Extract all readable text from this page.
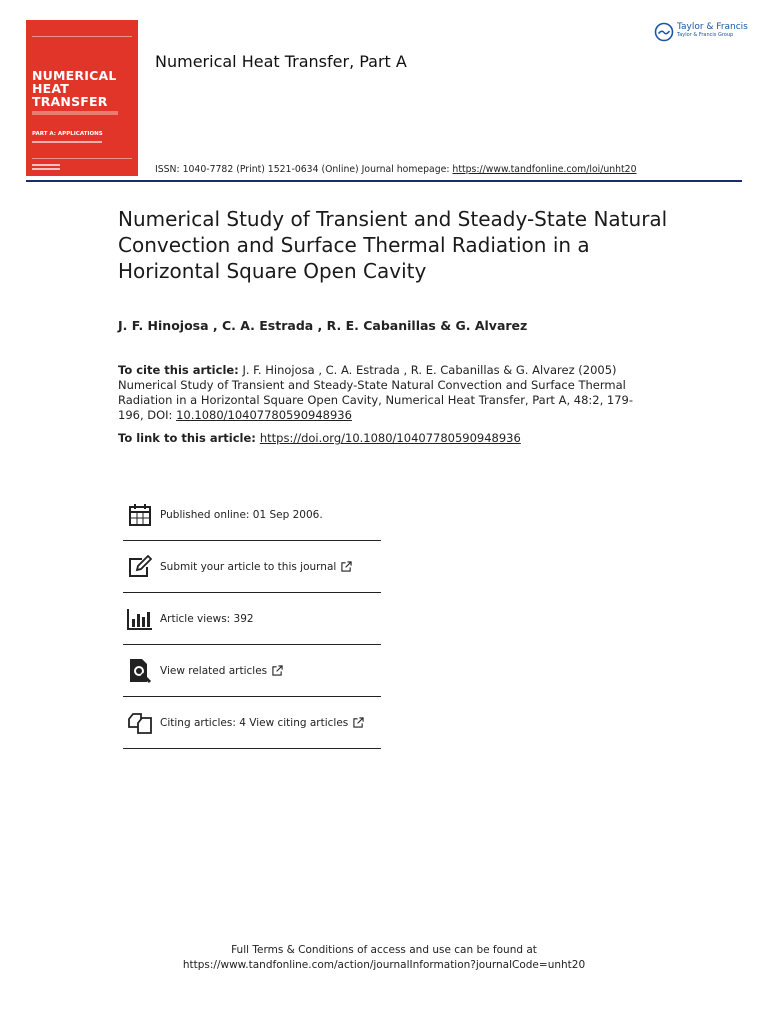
NUMERICAL
HEAT
TRANSFER
PART A: APPLICATIONS
Numerical Heat Transfer, Part A
Taylor & Francis
Taylor & Francis Group
ISSN: 1040-7782 (Print) 1521-0634 (Online) Journal homepage: https://www.tandfonline.com/loi/unht20
Numerical Study of Transient and Steady-State Natural Convection and Surface Thermal Radiation in a Horizontal Square Open Cavity
J. F. Hinojosa , C. A. Estrada , R. E. Cabanillas & G. Alvarez
To cite this article: J. F. Hinojosa , C. A. Estrada , R. E. Cabanillas & G. Alvarez (2005) Numerical Study of Transient and Steady-State Natural Convection and Surface Thermal Radiation in a Horizontal Square Open Cavity, Numerical Heat Transfer, Part A, 48:2, 179-196, DOI: 10.1080/10407780590948936
To link to this article: https://doi.org/10.1080/10407780590948936
Published online: 01 Sep 2006.
Submit your article to this journal
Article views: 392
View related articles
Citing articles: 4 View citing articles
Full Terms & Conditions of access and use can be found at
https://www.tandfonline.com/action/journalInformation?journalCode=unht20
